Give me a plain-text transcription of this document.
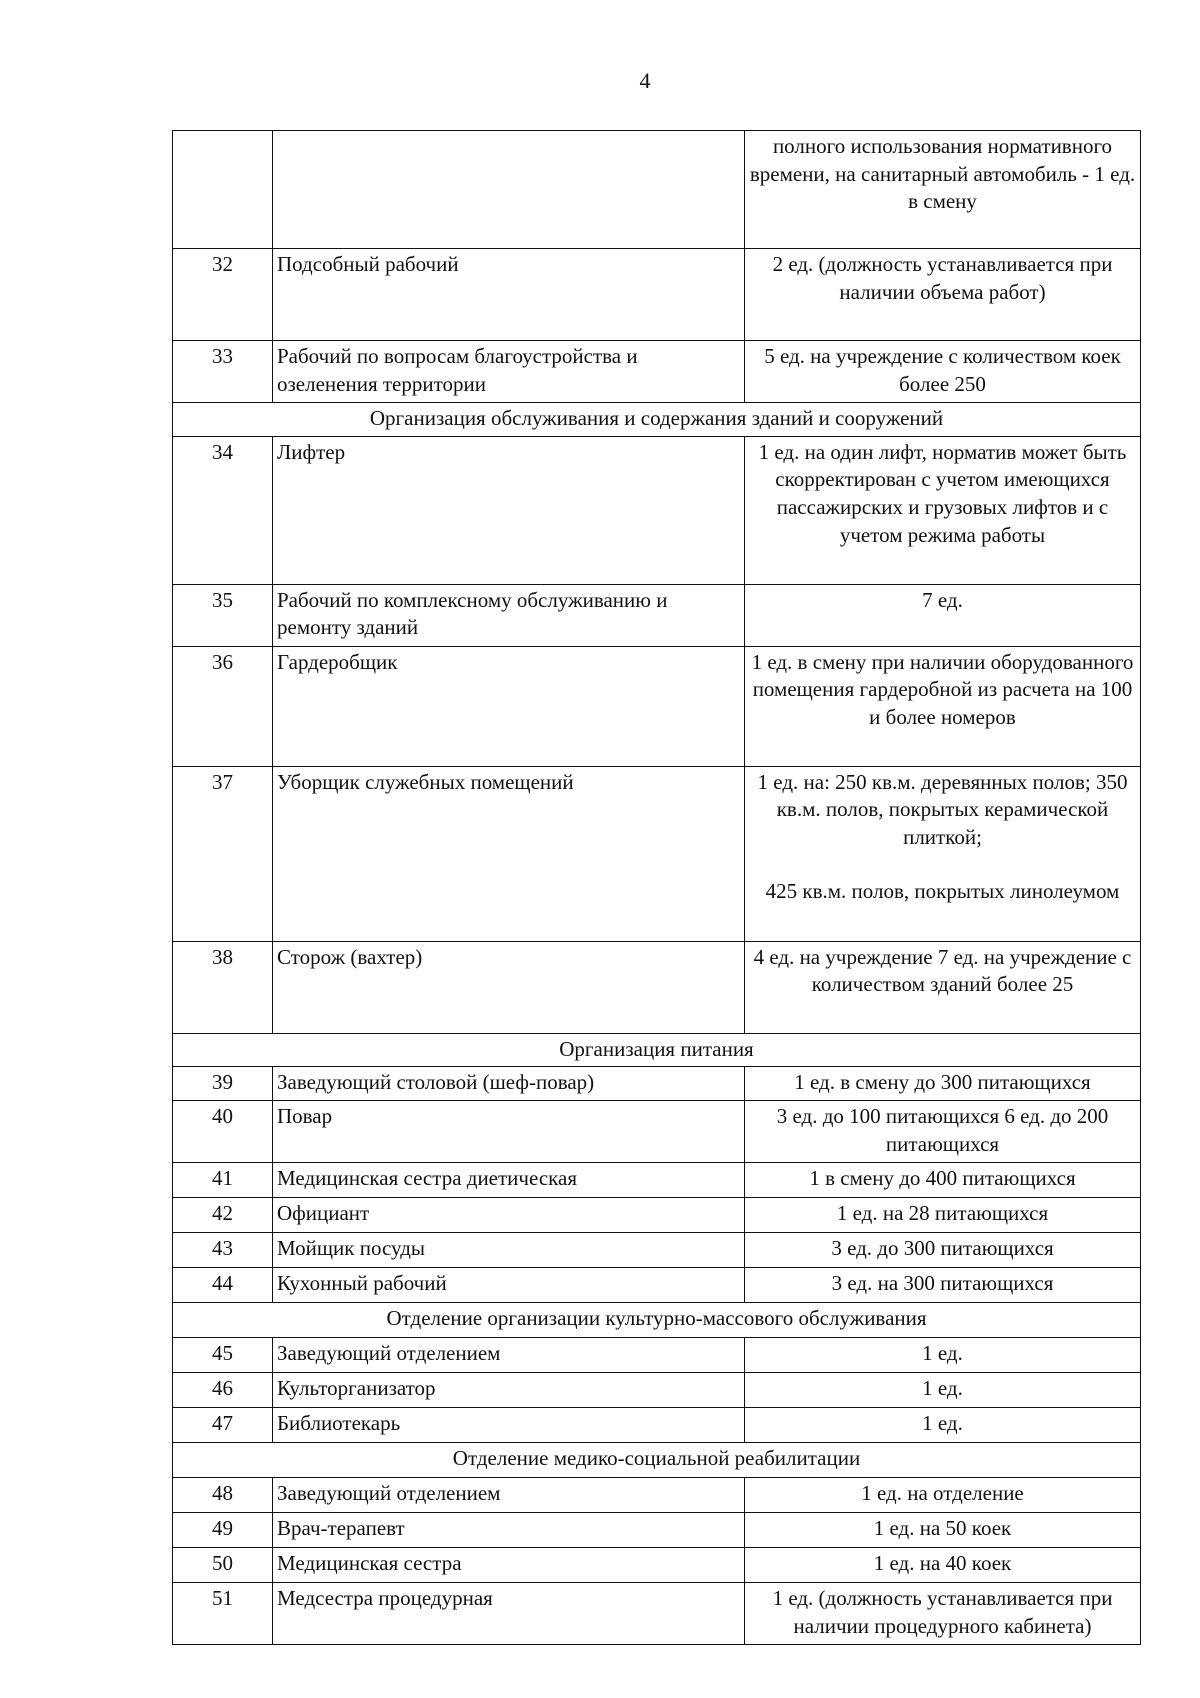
4
		полного использования нормативного времени, на санитарный автомобиль - 1 ед. в смену
32	Подсобный рабочий	2 ед. (должность устанавливается при наличии объема работ)
33	Рабочий по вопросам благоустройства и озеленения территории	5 ед. на учреждение с количеством коек более 250
Организация обслуживания и содержания зданий и сооружений		
34	Лифтер	1 ед. на один лифт, норматив может быть скорректирован с учетом имеющихся пассажирских и грузовых лифтов и с учетом режима работы
35	Рабочий по комплексному обслуживанию и ремонту зданий	7 ед.
36	Гардеробщик	1 ед. в смену при наличии оборудованного помещения гардеробной из расчета на 100 и более номеров
37	Уборщик служебных помещений	1 ед. на: 250 кв.м. деревянных полов; 350 кв.м. полов, покрытых керамической плиткой;
425 кв.м. полов, покрытых линолеумом
38	Сторож (вахтер)	4 ед. на учреждение 7 ед. на учреждение с количеством зданий более 25
Организация питания		
39	Заведующий столовой (шеф-повар)	1 ед. в смену до 300 питающихся
40	Повар	3 ед. до 100 питающихся 6 ед. до 200 питающихся
41	Медицинская сестра диетическая	1 в смену до 400 питающихся
42	Официант	1 ед. на 28 питающихся
43	Мойщик посуды	3 ед. до 300 питающихся
44	Кухонный рабочий	3 ед. на 300 питающихся
Отделение организации культурно-массового обслуживания		
45	Заведующий отделением	1 ед.
46	Культорганизатор	1 ед.
47	Библиотекарь	1 ед.
Отделение медико-социальной реабилитации		
48	Заведующий отделением	1 ед. на отделение
49	Врач-терапевт	1 ед. на 50 коек
50	Медицинская сестра	1 ед. на 40 коек
51	Медсестра процедурная	1 ед. (должность устанавливается при наличии процедурного кабинета)
